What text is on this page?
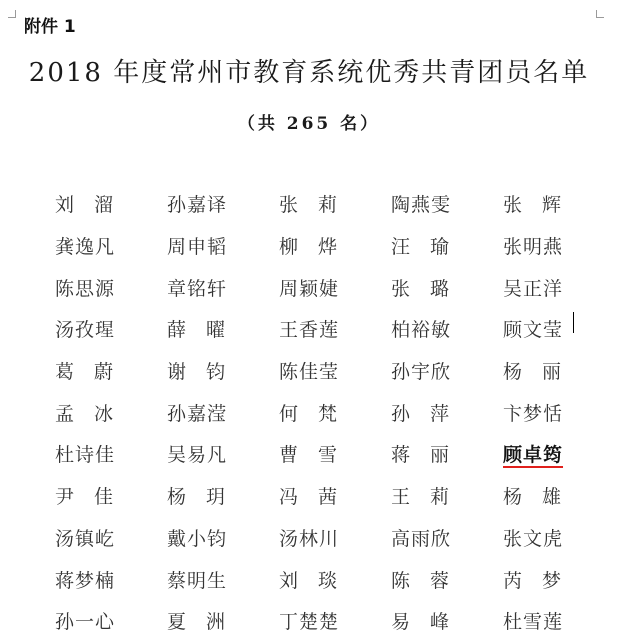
附件 1
2018 年度常州市教育系统优秀共青团员名单
（共 265 名）
刘溜	孙嘉译	张莉	陶燕雯	张辉
龚逸凡	周申韬	柳烨	汪瑜	张明燕
陈思源	章铭轩	周颖婕	张璐	吴正洋
汤孜瑆	薛曜	王香莲	柏裕敏	顾文莹
葛蔚	谢钧	陈佳莹	孙宇欣	杨丽
孟冰	孙嘉滢	何梵	孙萍	卞梦恬
杜诗佳	吴易凡	曹雪	蒋丽	顾卓筠
尹佳	杨玥	冯茜	王莉	杨雄
汤镇屹	戴小钧	汤林川	高雨欣	张文虎
蒋梦楠	蔡明生	刘琰	陈蓉	芮梦
孙一心	夏洲	丁楚楚	易峰	杜雪莲
